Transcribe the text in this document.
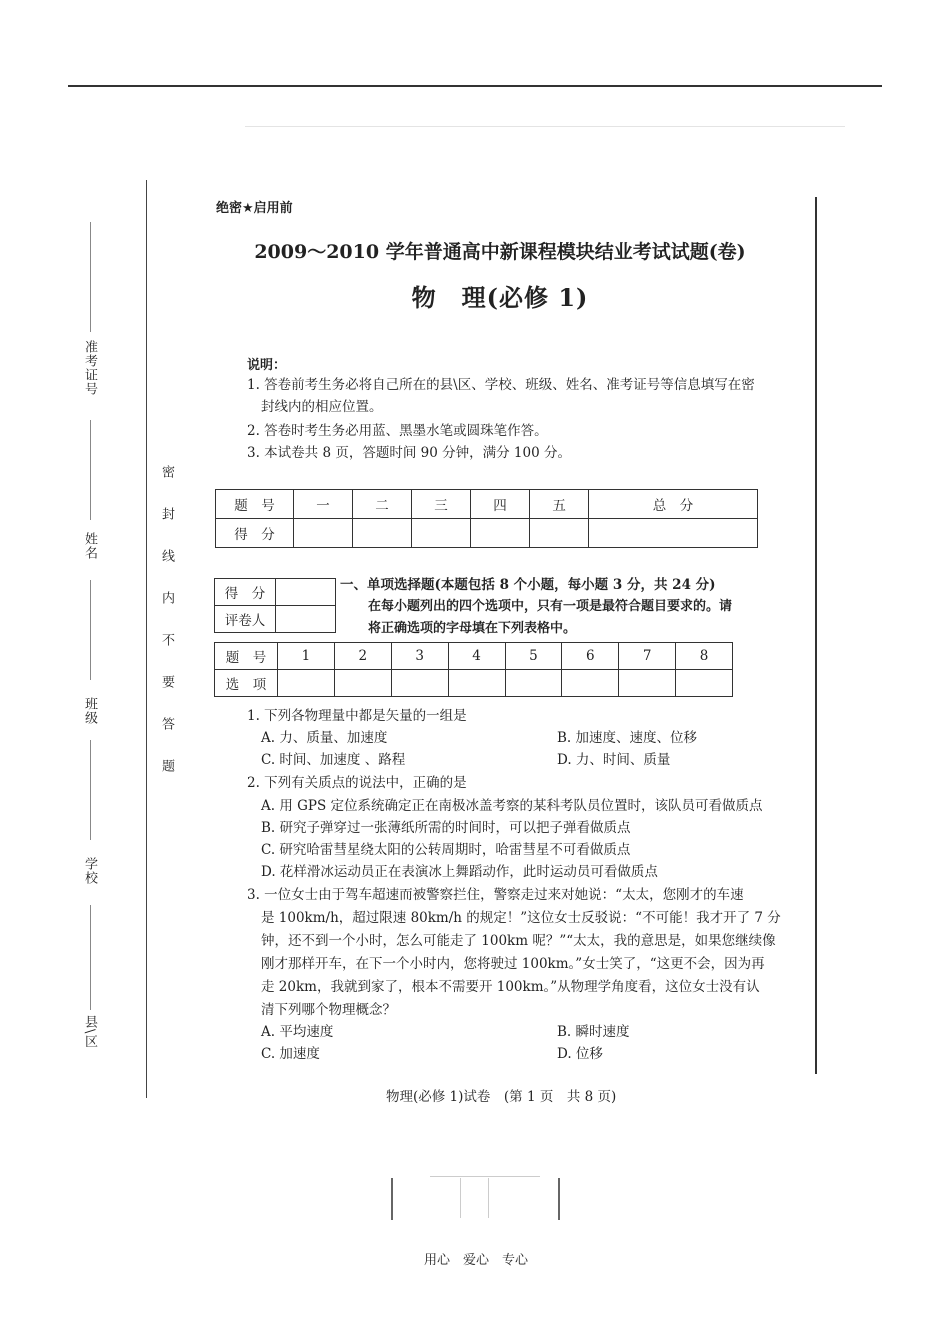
准考证号
姓名
班级
学校
县\区
密封线内不要答题
绝密★启用前
2009～2010 学年普通高中新课程模块结业考试试题(卷)
物　理(必修 1)
说明：
1. 答卷前考生务必将自己所在的县\区、学校、班级、姓名、准考证号等信息填写在密
封线内的相应位置。
2. 答卷时考生务必用蓝、黑墨水笔或圆珠笔作答。
3. 本试卷共 8 页，答题时间 90 分钟，满分 100 分。
题　号	一	二	三	四	五	总　分
得　分						
得　分	
评卷人	
一、单项选择题(本题包括 8 个小题，每小题 3 分，共 24 分)
在每小题列出的四个选项中，只有一项是最符合题目要求的。请
将正确选项的字母填在下列表格中。
题　号	1	2	3	4	5	6	7	8
选　项								
1. 下列各物理量中都是矢量的一组是
A. 力、质量、加速度	B. 加速度、速度、位移
C. 时间、加速度 、路程	D. 力、时间、质量
2. 下列有关质点的说法中，正确的是
A. 用 GPS 定位系统确定正在南极冰盖考察的某科考队员位置时，该队员可看做质点
B. 研究子弹穿过一张薄纸所需的时间时，可以把子弹看做质点
C. 研究哈雷彗星绕太阳的公转周期时，哈雷彗星不可看做质点
D. 花样滑冰运动员正在表演冰上舞蹈动作，此时运动员可看做质点
3. 一位女士由于驾车超速而被警察拦住，警察走过来对她说：“太太，您刚才的车速
是 100km/h，超过限速 80km/h 的规定！”这位女士反驳说：“不可能！我才开了 7 分
钟，还不到一个小时，怎么可能走了 100km 呢？”“太太，我的意思是，如果您继续像
刚才那样开车，在下一个小时内，您将驶过 100km。”女士笑了，“这更不会，因为再
走 20km，我就到家了，根本不需要开 100km。”从物理学角度看，这位女士没有认
清下列哪个物理概念？
A. 平均速度	B. 瞬时速度
C. 加速度	D. 位移
物理(必修 1)试卷　(第 1 页　共 8 页)
用心　爱心　专心
